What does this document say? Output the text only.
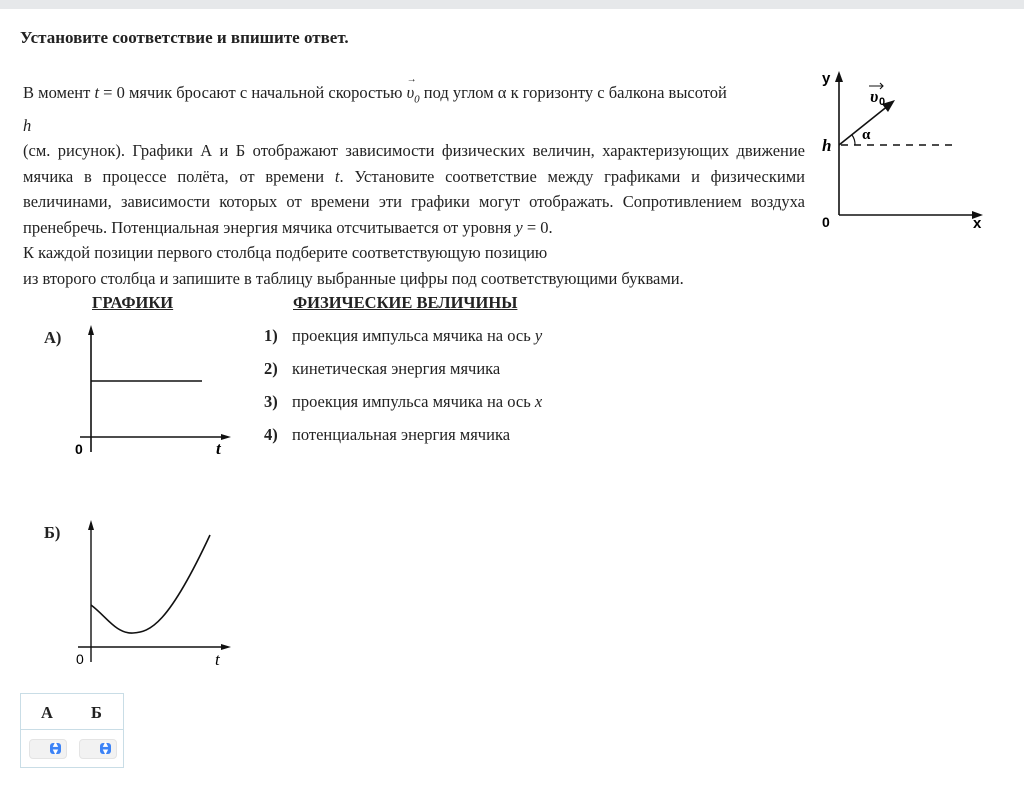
Установите соответствие и впишите ответ.

В момент t = 0 мячик бросают с начальной скоростью
→
$\upsilon_0$ под углом α к горизонту с балкона высотой

h

(см. рисунок). Графики А и Б отображают зависимости физических величин, характеризующих движение мячика в процессе полёта, от времени t. Установите соответствие между графиками и физическими величинами, зависимости которых от времени эти графики могут отображать. Сопротивлением воздуха пренебречь. Потенциальная энергия мячика отсчитывается от уровня y = 0.

К каждой позиции первого столбца подберите соответствующую позицию

из второго столбца и запишите в таблицу выбранные цифры под соответствующими буквами.

y
x
h
0
α
υ 0
ГРАФИКИ	ФИЗИЧЕСКИЕ ВЕЛИЧИНЫ
А)
0	t
Б)
0	t
1) проекция импульса мячика на ось y
2) кинетическая энергия мячика
3) проекция импульса мячика на ось x
4) потенциальная энергия мячика
А Б
▲
▼
▲
▼
